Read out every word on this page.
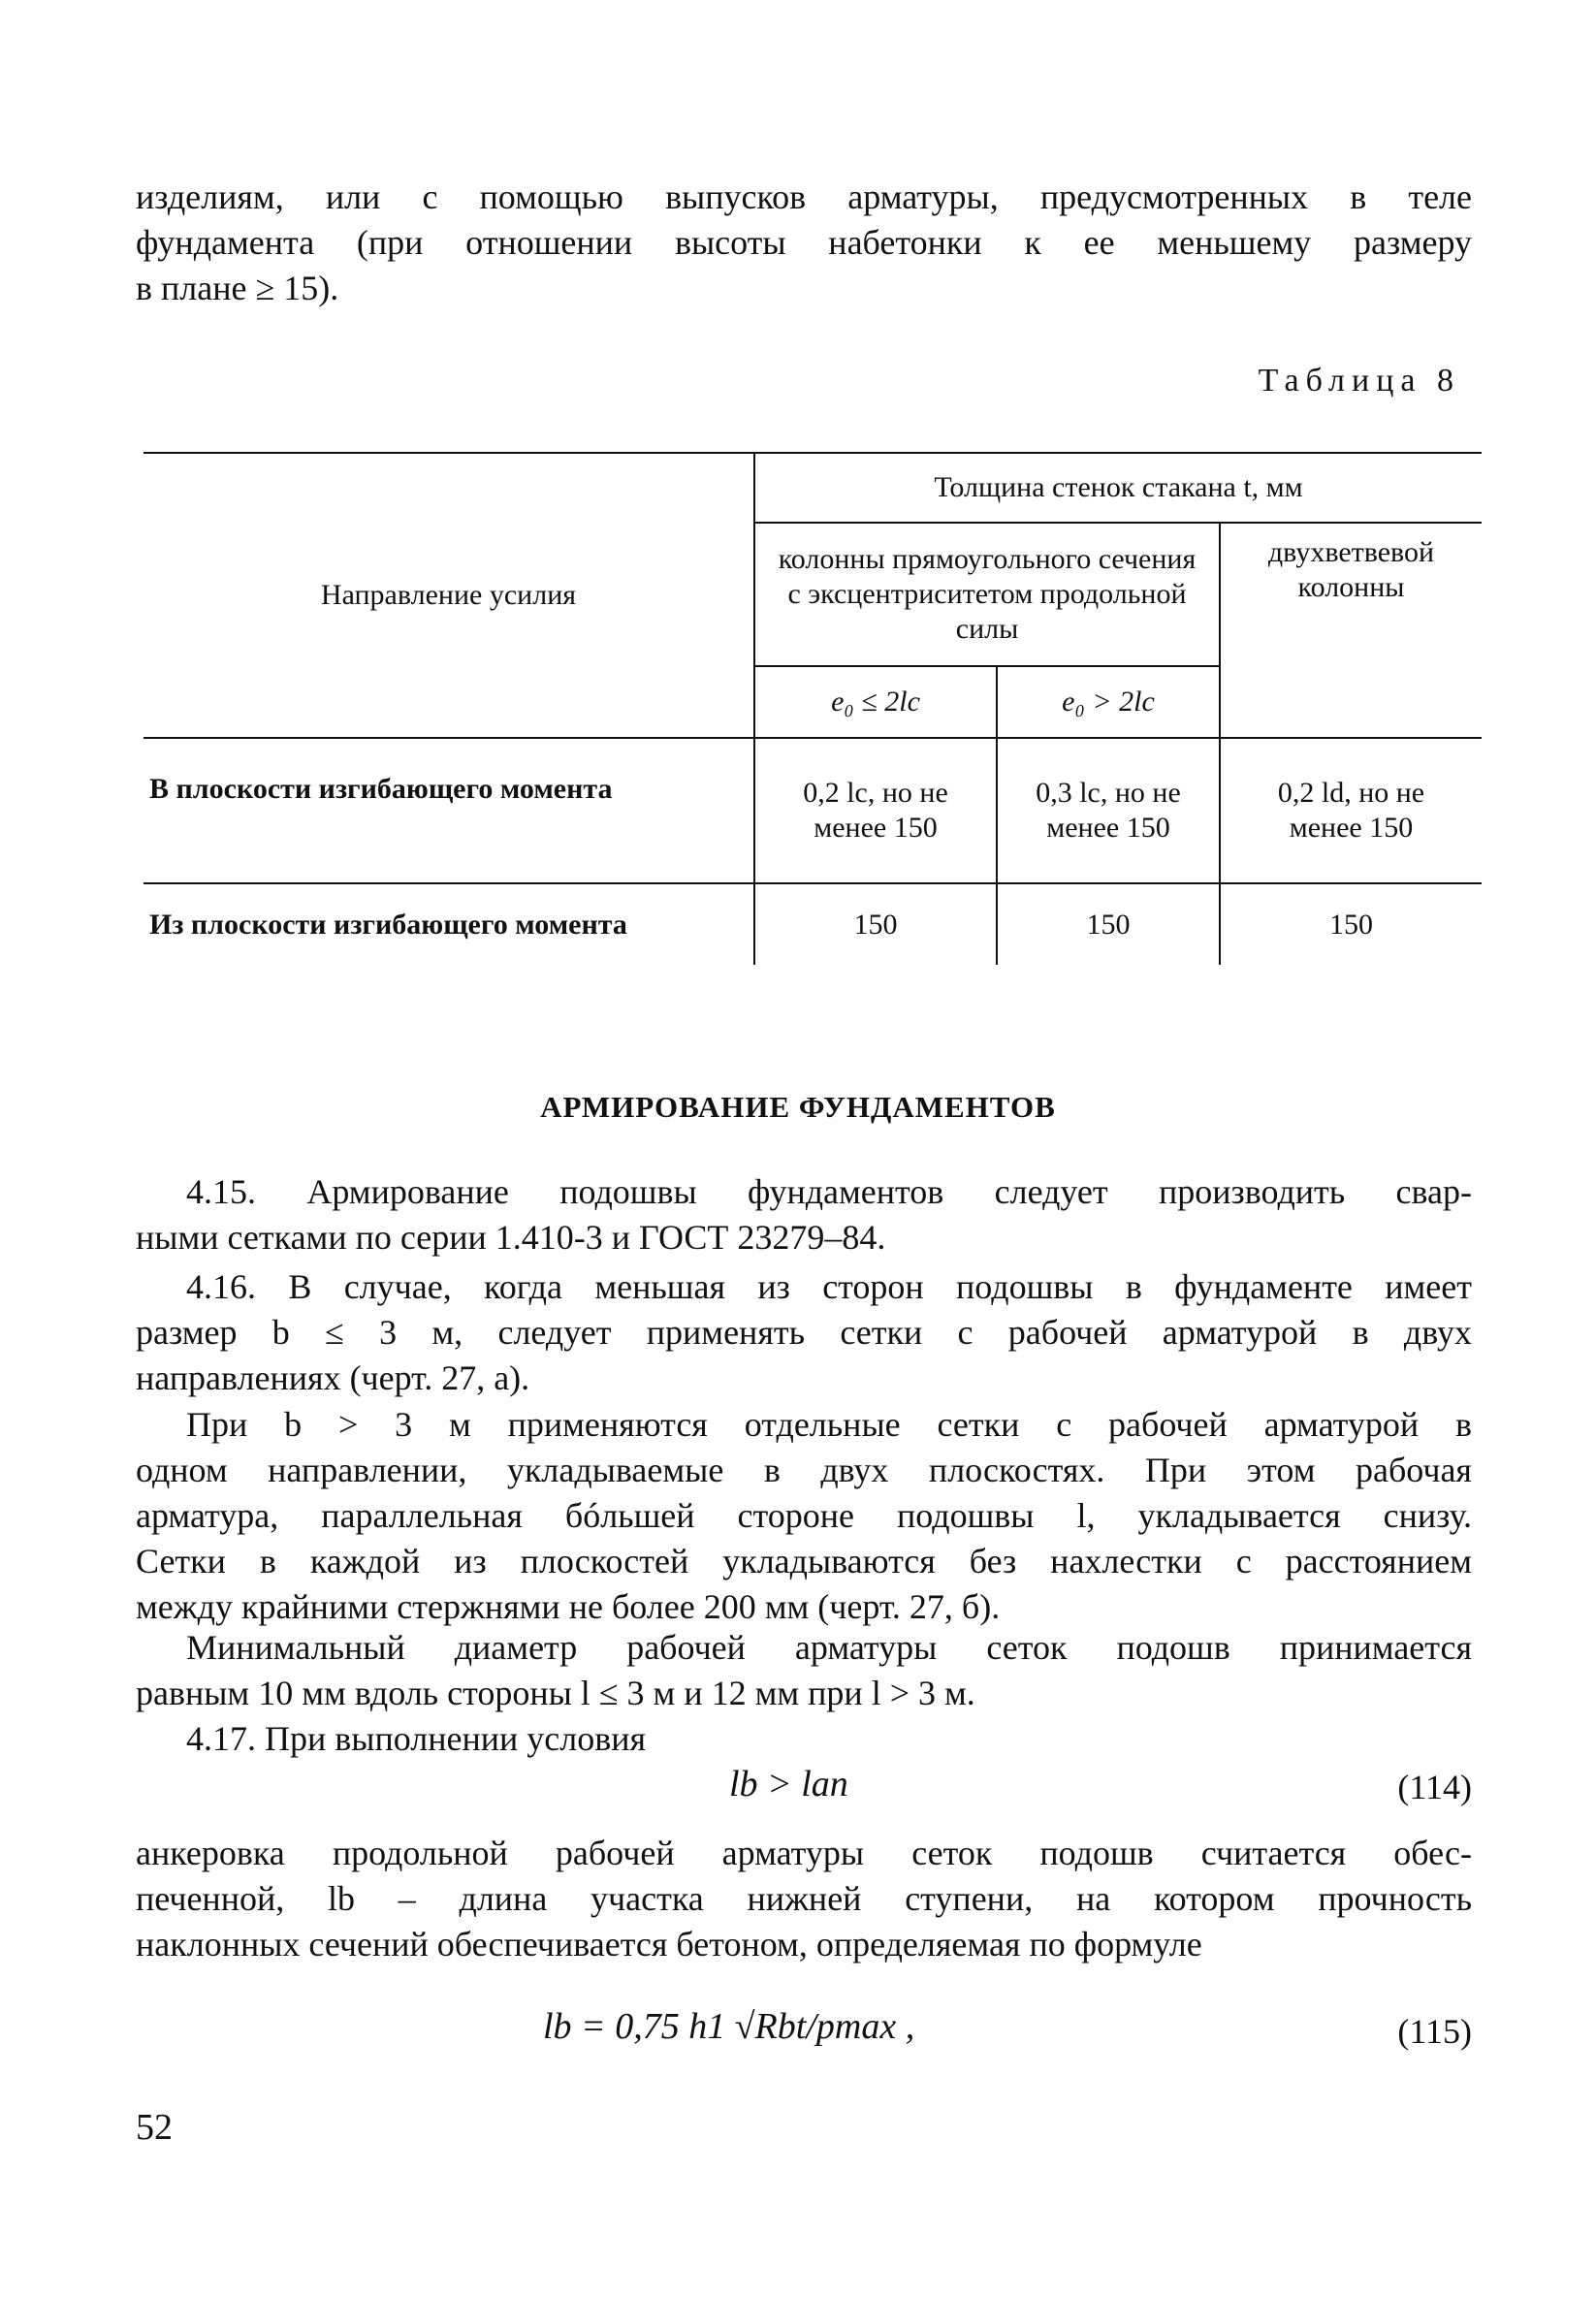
изделиям, или с помощью выпусков арматуры, предусмотренных в теле
фундамента (при отношении высоты набетонки к ее меньшему размеру
в плане ≥ 15).
Таблица 8
Направление усилия	Толщина стенок стакана t, мм		
	колонны прямоугольного сечения с эксцентриситетом продольной силы		двухветвевой колонны
	e₀ ≤ 2lc	e₀ > 2lc	
В плоскости изгибающего момента	0,2 lc, но не менее 150	0,3 lc, но не менее 150	0,2 ld, но не менее 150
Из плоскости изгибающего момента	150	150	150
АРМИРОВАНИЕ ФУНДАМЕНТОВ
4.15. Армирование подошвы фундаментов следует производить свар-
ными сетками по серии 1.410-3 и ГОСТ 23279–84.
4.16. В случае, когда меньшая из сторон подошвы в фундаменте имеет
размер b ≤ 3 м, следует применять сетки с рабочей арматурой в двух
направлениях (черт. 27, а).
При b > 3 м применяются отдельные сетки с рабочей арматурой в
одном направлении, укладываемые в двух плоскостях. При этом рабочая
арматура, параллельная бóльшей стороне подошвы l, укладывается снизу.
Сетки в каждой из плоскостей укладываются без нахлестки с расстоянием
между крайними стержнями не более 200 мм (черт. 27, б).
Минимальный диаметр рабочей арматуры сеток подошв принимается
равным 10 мм вдоль стороны l ≤ 3 м и 12 мм при l > 3 м.
4.17. При выполнении условия
lb > lan	(114)
анкеровка продольной рабочей арматуры сеток подошв считается обес-
печенной, lb – длина участка нижней ступени, на котором прочность
наклонных сечений обеспечивается бетоном, определяемая по формуле
lb = 0,75 h1 √Rbt/pmax ,	(115)
52
